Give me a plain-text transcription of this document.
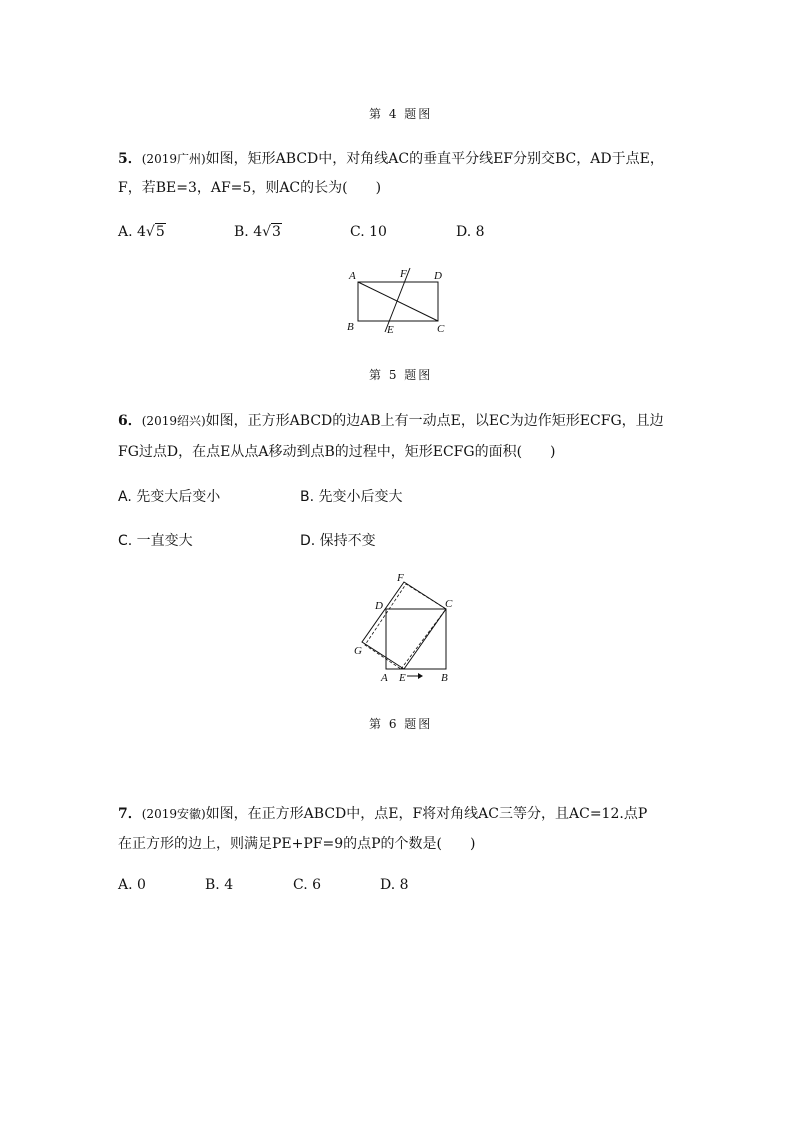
第 4 题图
5．(2019广州)如图，矩形ABCD中，对角线AC的垂直平分线EF分别交BC，AD于点E，
F，若BE=3，AF=5，则AC的长为(　　)
A. 4√5	B. 4√3	C. 10	D. 8
A	F D
B	E	C
第 5 题图
6．(2019绍兴)如图，正方形ABCD的边AB上有一动点E，以EC为边作矩形ECFG，且边
FG过点D，在点E从点A移动到点B的过程中，矩形ECFG的面积(　　)
A. 先变大后变小	B. 先变小后变大
C. 一直变大	D. 保持不变
F
D	C
G
A E	B
第 6 题图
7．(2019安徽)如图，在正方形ABCD中，点E，F将对角线AC三等分，且AC=12.点P
在正方形的边上，则满足PE+PF=9的点P的个数是(　　)
A. 0	B. 4	C. 6	D. 8
